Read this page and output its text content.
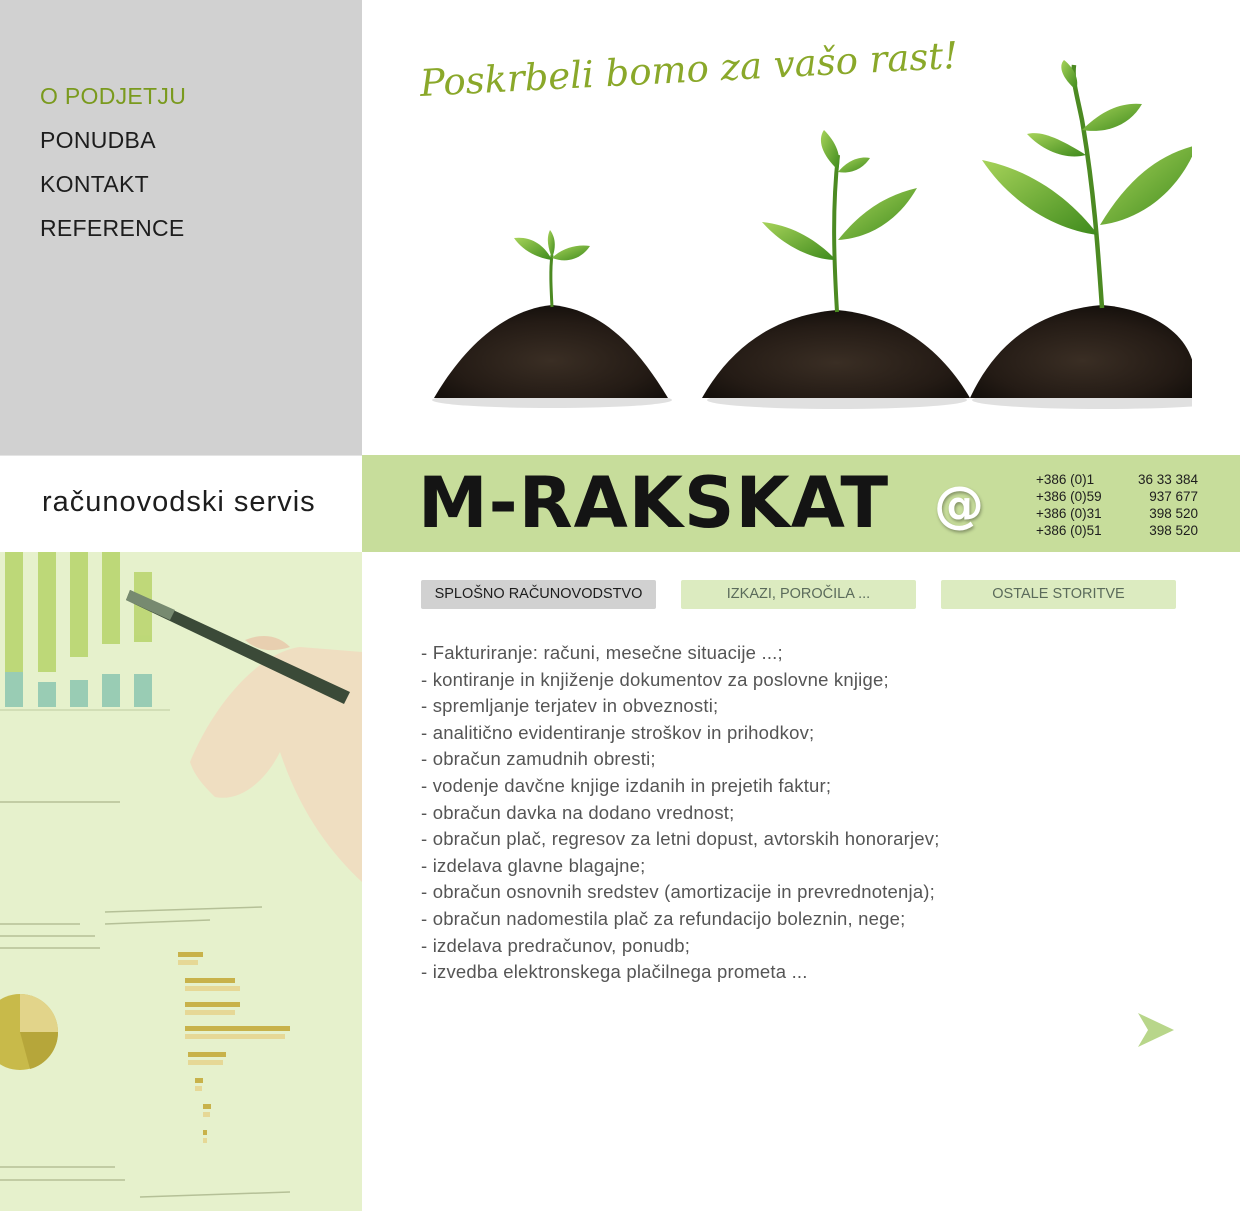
O PODJETJU
PONUDBA
KONTAKT
REFERENCE
Poskrbeli bomo za vašo rast!
računovodski servis M-RAKSKAT @	+386 (0)1	36 33 384
+386 (0)59	937 677
+386 (0)31	398 520
+386 (0)51	398 520
SPLOŠNO RAČUNOVODSTVO	IZKAZI, POROČILA ...	OSTALE STORITVE
- Fakturiranje: računi, mesečne situacije ...;
- kontiranje in knjiženje dokumentov za poslovne knjige;
- spremljanje terjatev in obveznosti;
- analitično evidentiranje stroškov in prihodkov;
- obračun zamudnih obresti;
- vodenje davčne knjige izdanih in prejetih faktur;
- obračun davka na dodano vrednost;
- obračun plač, regresov za letni dopust, avtorskih honorarjev;
- izdelava glavne blagajne;
- obračun osnovnih sredstev (amortizacije in prevrednotenja);
- obračun nadomestila plač za refundacijo boleznin, nege;
- izdelava predračunov, ponudb;
- izvedba elektronskega plačilnega prometa ...
